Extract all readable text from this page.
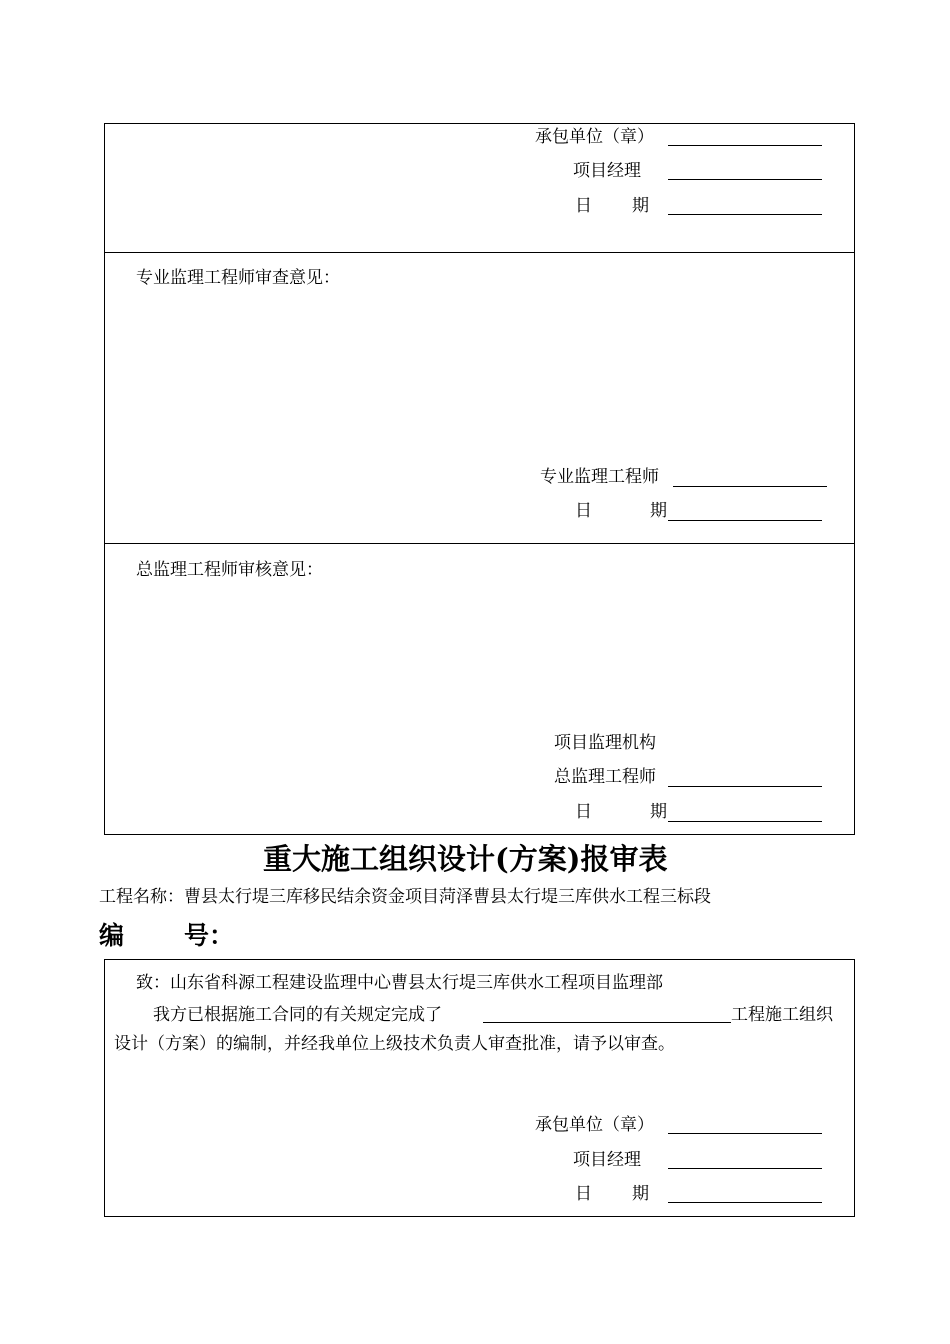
承包单位（章）
项目经理
日 期
专业监理工程师审查意见：
专业监理工程师
日	期
总监理工程师审核意见：
项目监理机构
总监理工程师
日	期
重大施工组织设计(方案)报审表
工程名称：曹县太行堤三库移民结余资金项目菏泽曹县太行堤三库供水工程三标段
编 号：
致：山东省科源工程建设监理中心曹县太行堤三库供水工程项目监理部
我方已根据施工合同的有关规定完成了	工程施工组织
设计（方案）的编制，并经我单位上级技术负责人审查批准，请予以审查。
承包单位（章）
项目经理
日 期
